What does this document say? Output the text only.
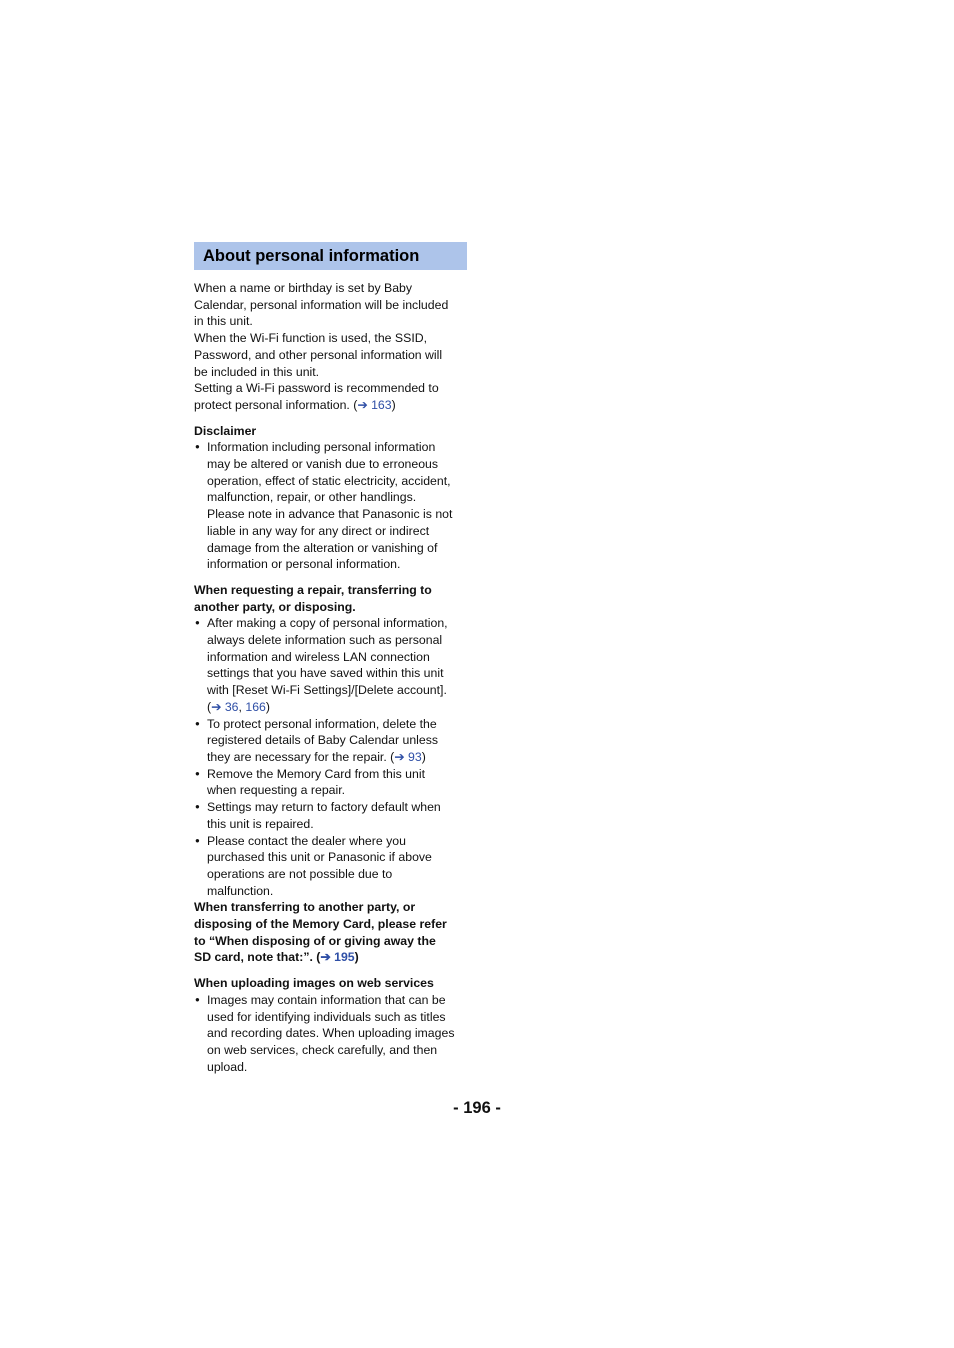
About personal information
When a name or birthday is set by Baby
Calendar, personal information will be included
in this unit.
When the Wi-Fi function is used, the SSID,
Password, and other personal information will
be included in this unit.
Setting a Wi-Fi password is recommended to
protect personal information. (➔ 163)
Disclaimer
● Information including personal information
may be altered or vanish due to erroneous
operation, effect of static electricity, accident,
malfunction, repair, or other handlings.
Please note in advance that Panasonic is not
liable in any way for any direct or indirect
damage from the alteration or vanishing of
information or personal information.
When requesting a repair, transferring to
another party, or disposing.
● After making a copy of personal information,
always delete information such as personal
information and wireless LAN connection
settings that you have saved within this unit
with [Reset Wi-Fi Settings]/[Delete account].
(➔ 36, 166)
● To protect personal information, delete the
registered details of Baby Calendar unless
they are necessary for the repair. (➔ 93)
● Remove the Memory Card from this unit
when requesting a repair.
● Settings may return to factory default when
this unit is repaired.
● Please contact the dealer where you
purchased this unit or Panasonic if above
operations are not possible due to
malfunction.
When transferring to another party, or
disposing of the Memory Card, please refer
to “When disposing of or giving away the
SD card, note that:”. (➔ 195)
When uploading images on web services
● Images may contain information that can be
used for identifying individuals such as titles
and recording dates. When uploading images
on web services, check carefully, and then
upload.
- 196 -
